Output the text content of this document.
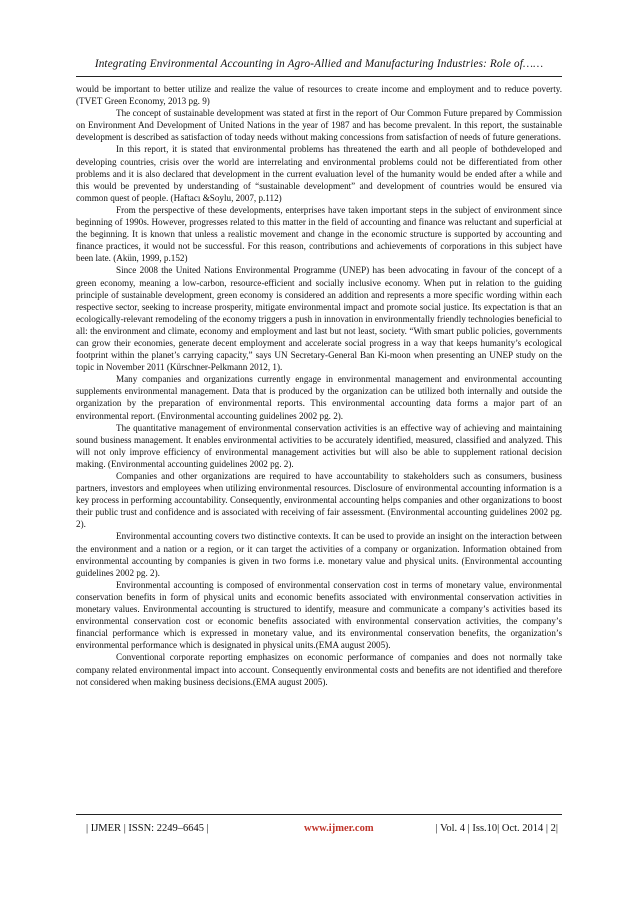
Integrating Environmental Accounting in Agro-Allied and Manufacturing Industries: Role of……

would be important to better utilize and realize the value of resources to create income and employment and to reduce poverty. (TVET Green Economy, 2013 pg. 9)

The concept of sustainable development was stated at first in the report of Our Common Future prepared by Commission on Environment And Development of United Nations in the year of 1987 and has become prevalent. In this report, the sustainable development is described as satisfaction of today needs without making concessions from satisfaction of needs of future generations.

In this report, it is stated that environmental problems has threatened the earth and all people of bothdeveloped and developing countries, crisis over the world are interrelating and environmental problems could not be differentiated from other problems and it is also declared that development in the current evaluation level of the humanity would be ended after a while and this would be prevented by understanding of “sustainable development” and development of countries would be ensured via common quest of people. (Haftacı &Soylu, 2007, p.112)

From the perspective of these developments, enterprises have taken important steps in the subject of environment since beginning of 1990s. However, progresses related to this matter in the field of accounting and finance was reluctant and superficial at the beginning. It is known that unless a realistic movement and change in the economic structure is supported by accounting and finance practices, it would not be successful. For this reason, contributions and achievements of corporations in this subject have been late. (Akün, 1999, p.152)

Since 2008 the United Nations Environmental Programme (UNEP) has been advocating in favour of the concept of a green economy, meaning a low-carbon, resource-efficient and socially inclusive economy. When put in relation to the guiding principle of sustainable development, green economy is considered an addition and represents a more specific wording within each respective sector, seeking to increase prosperity, mitigate environmental impact and promote social justice. Its expectation is that an ecologically-relevant remodeling of the economy triggers a push in innovation in environmentally friendly technologies beneficial to all: the environment and climate, economy and employment and last but not least, society. “With smart public policies, governments can grow their economies, generate decent employment and accelerate social progress in a way that keeps humanity’s ecological footprint within the planet’s carrying capacity,” says UN Secretary-General Ban Ki-moon when presenting an UNEP study on the topic in November 2011 (Kürschner-Pelkmann 2012, 1).

Many companies and organizations currently engage in environmental management and environmental accounting supplements environmental management. Data that is produced by the organization can be utilized both internally and outside the organization by the preparation of environmental reports. This environmental accounting data forms a major part of an environmental report. (Environmental accounting guidelines 2002 pg. 2).

The quantitative management of environmental conservation activities is an effective way of achieving and maintaining sound business management. It enables environmental activities to be accurately identified, measured, classified and analyzed. This will not only improve efficiency of environmental management activities but will also be able to supplement rational decision making. (Environmental accounting guidelines 2002 pg. 2).

Companies and other organizations are required to have accountability to stakeholders such as consumers, business partners, investors and employees when utilizing environmental resources. Disclosure of environmental accounting information is a key process in performing accountability. Consequently, environmental accounting helps companies and other organizations to boost their public trust and confidence and is associated with receiving of fair assessment. (Environmental accounting guidelines 2002 pg. 2).

Environmental accounting covers two distinctive contexts. It can be used to provide an insight on the interaction between the environment and a nation or a region, or it can target the activities of a company or organization. Information obtained from environmental accounting by companies is given in two forms i.e. monetary value and physical units. (Environmental accounting guidelines 2002 pg. 2).

Environmental accounting is composed of environmental conservation cost in terms of monetary value, environmental conservation benefits in form of physical units and economic benefits associated with environmental conservation activities in monetary values. Environmental accounting is structured to identify, measure and communicate a company’s activities based its environmental conservation cost or economic benefits associated with environmental conservation activities, the company’s financial performance which is expressed in monetary value, and its environmental conservation benefits, the organization’s environmental performance which is designated in physical units.(EMA august 2005).

Conventional corporate reporting emphasizes on economic performance of companies and does not normally take company related environmental impact into account. Consequently environmental costs and benefits are not identified and therefore not considered when making business decisions.(EMA august 2005).

| IJMER | ISSN: 2249–6645 |	www.ijmer.com	| Vol. 4 | Iss.10| Oct. 2014 | 2|
